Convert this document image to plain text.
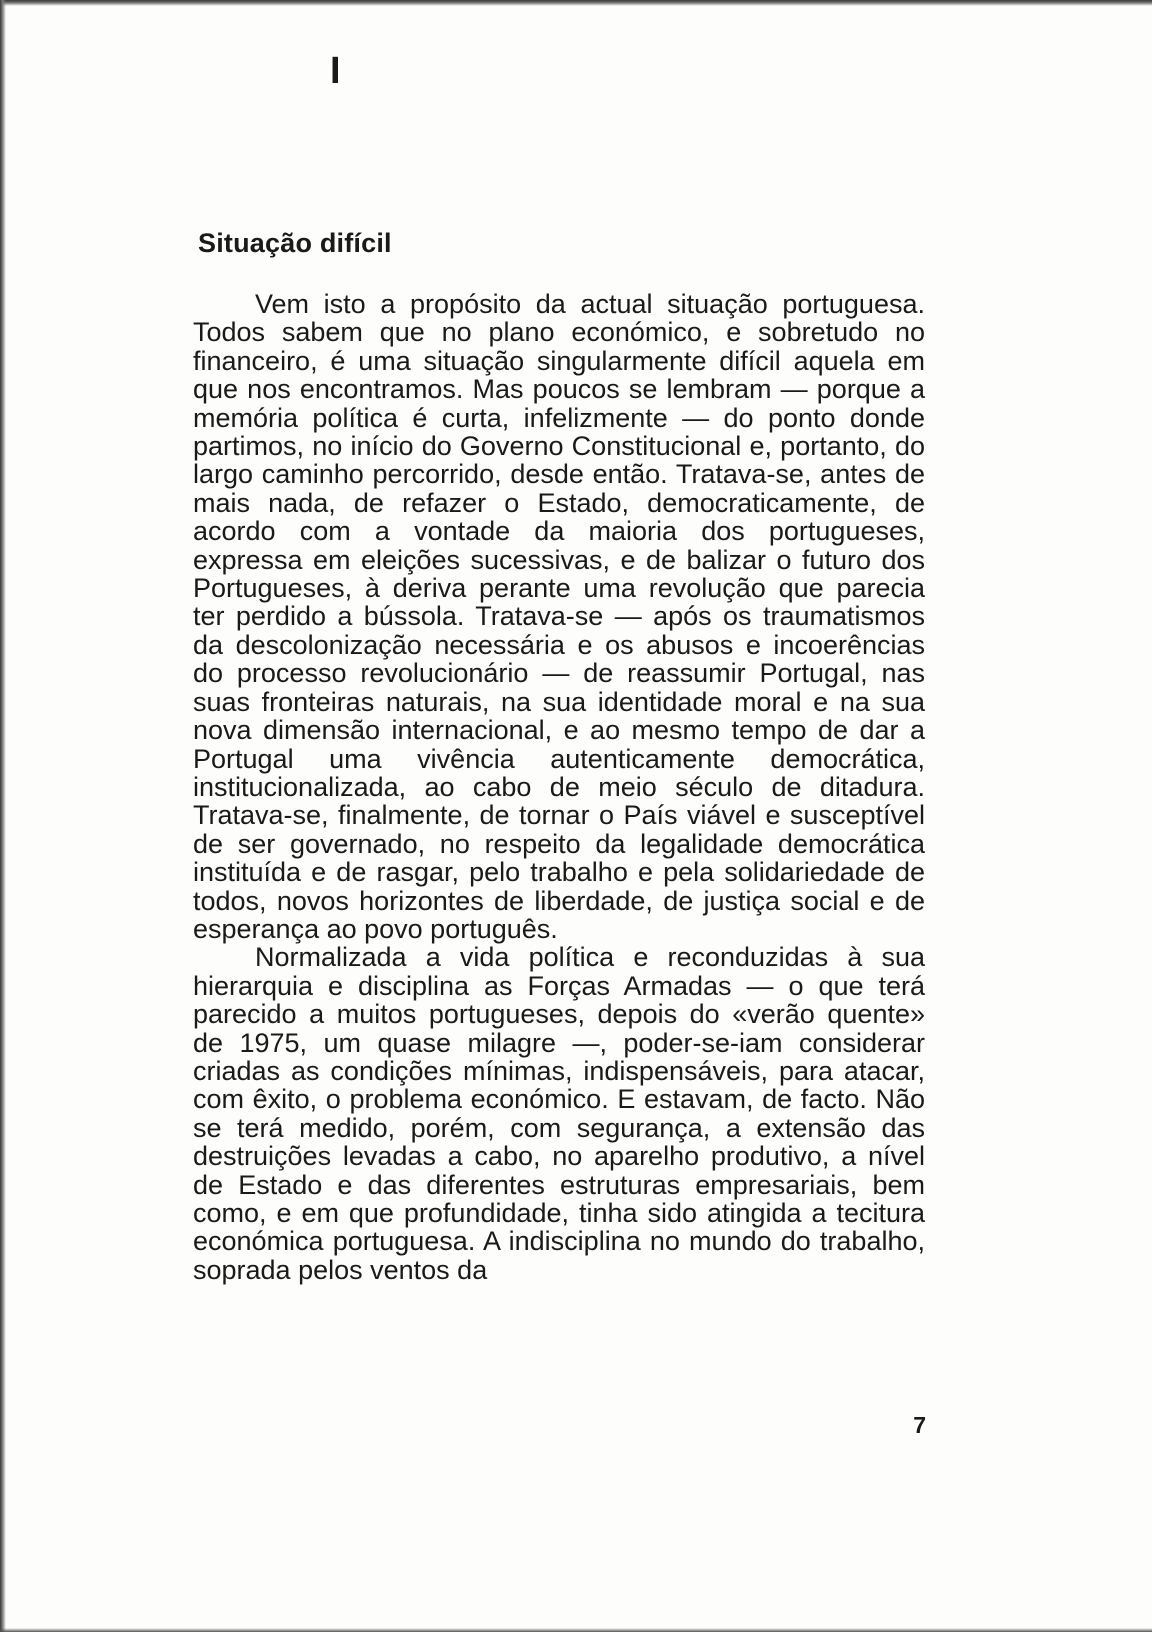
I
Situação difícil

Vem isto a propósito da actual situação portuguesa. Todos sabem que no plano económico, e sobretudo no financeiro, é uma situação singularmente difícil aquela em que nos encontramos. Mas poucos se lembram — porque a memória política é curta, infelizmente — do ponto donde partimos, no início do Governo Constitucional e, portanto, do largo caminho percorrido, desde então. Tratava-se, antes de mais nada, de refazer o Estado, democraticamente, de acordo com a vontade da maioria dos portugueses, expressa em eleições sucessivas, e de balizar o futuro dos Portugueses, à deriva perante uma revolução que parecia ter perdido a bússola. Tratava-se — após os traumatismos da descolonização necessária e os abusos e incoerências do processo revolucionário — de reassumir Portugal, nas suas fronteiras naturais, na sua identidade moral e na sua nova dimensão internacional, e ao mesmo tempo de dar a Portugal uma vivência autenticamente democrática, institucionalizada, ao cabo de meio século de ditadura. Tratava-se, finalmente, de tornar o País viável e susceptível de ser governado, no respeito da legalidade democrática instituída e de rasgar, pelo trabalho e pela solidariedade de todos, novos horizontes de liberdade, de justiça social e de esperança ao povo português.

Normalizada a vida política e reconduzidas à sua hierarquia e disciplina as Forças Armadas — o que terá parecido a muitos portugueses, depois do «verão quente» de 1975, um quase milagre —, poder-se-iam considerar criadas as condições mínimas, indispensáveis, para atacar, com êxito, o problema económico. E estavam, de facto. Não se terá medido, porém, com segurança, a extensão das destruições levadas a cabo, no aparelho produtivo, a nível de Estado e das diferentes estruturas empresariais, bem como, e em que profundidade, tinha sido atingida a tecitura económica portuguesa. A indisciplina no mundo do trabalho, soprada pelos ventos da

7
